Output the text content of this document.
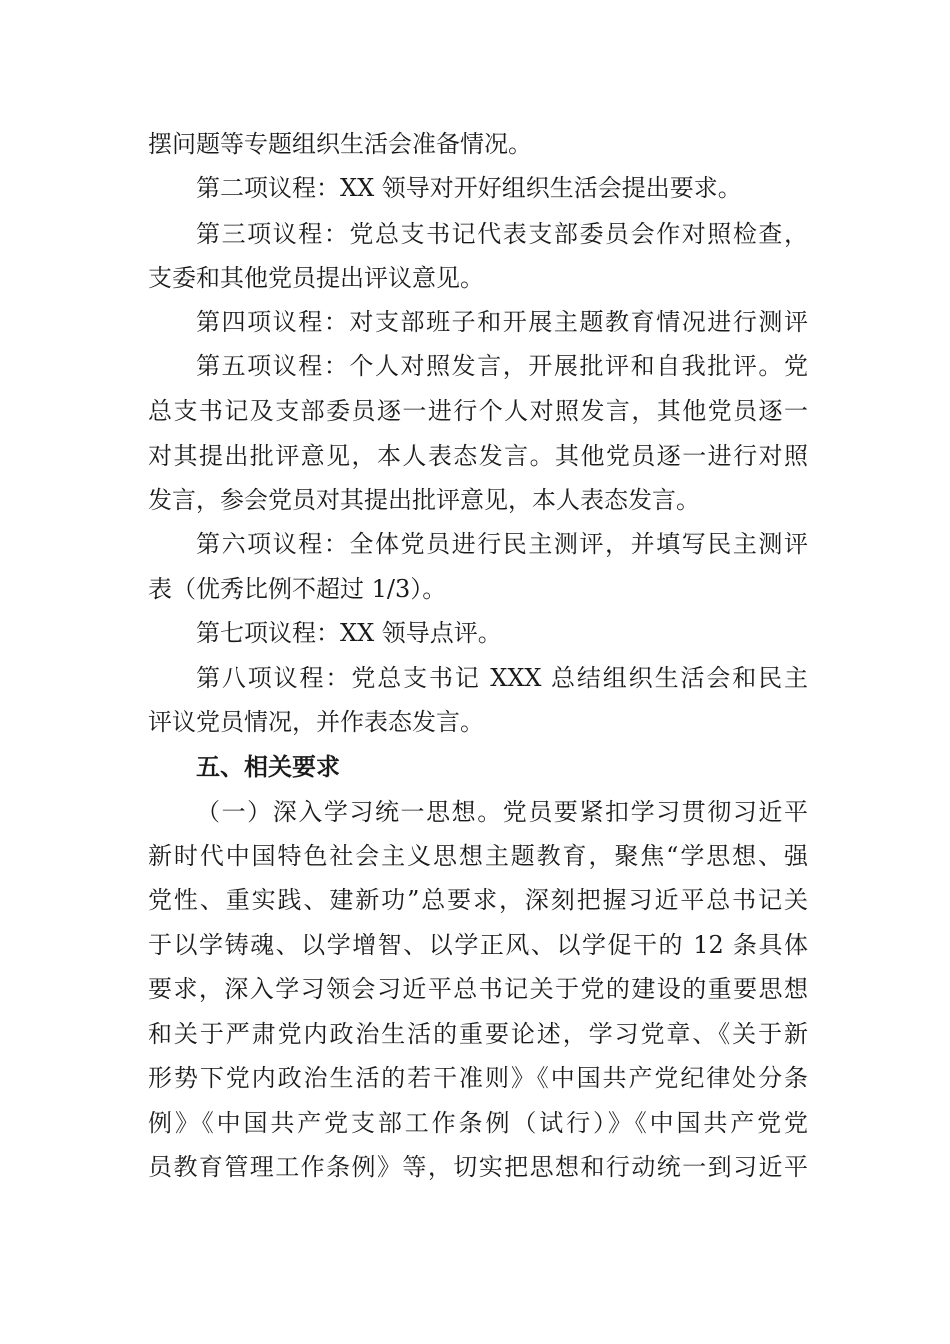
摆问题等专题组织生活会准备情况。
第二项议程：XX 领导对开好组织生活会提出要求。
第三项议程：党总支书记代表支部委员会作对照检查，
支委和其他党员提出评议意见。
第四项议程：对支部班子和开展主题教育情况进行测评
第五项议程：个人对照发言，开展批评和自我批评。党
总支书记及支部委员逐一进行个人对照发言，其他党员逐一
对其提出批评意见，本人表态发言。其他党员逐一进行对照
发言，参会党员对其提出批评意见，本人表态发言。
第六项议程：全体党员进行民主测评，并填写民主测评
表（优秀比例不超过 1/3）。
第七项议程：XX 领导点评。
第八项议程：党总支书记 XXX 总结组织生活会和民主
评议党员情况，并作表态发言。
五、相关要求
（一）深入学习统一思想。党员要紧扣学习贯彻习近平
新时代中国特色社会主义思想主题教育，聚焦“学思想、强
党性、重实践、建新功”总要求，深刻把握习近平总书记关
于以学铸魂、以学增智、以学正风、以学促干的 12 条具体
要求，深入学习领会习近平总书记关于党的建设的重要思想
和关于严肃党内政治生活的重要论述，学习党章、《关于新
形势下党内政治生活的若干准则》《中国共产党纪律处分条
例》《中国共产党支部工作条例（试行）》《中国共产党党
员教育管理工作条例》等，切实把思想和行动统一到习近平
